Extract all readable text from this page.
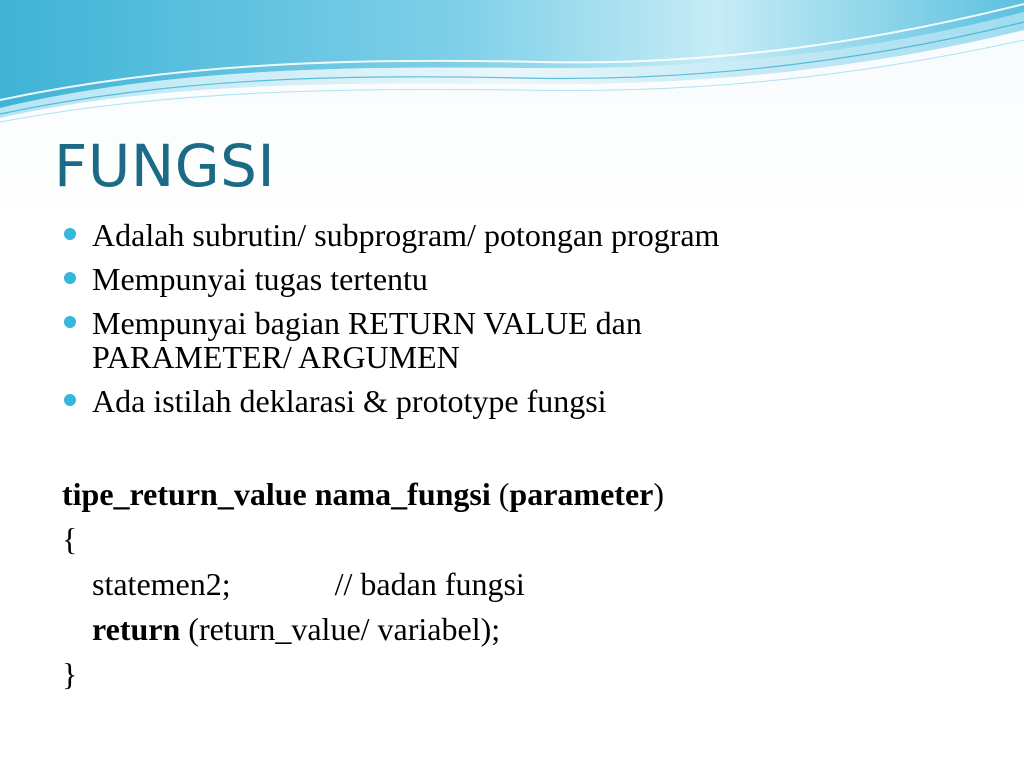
FUNGSI
Adalah subrutin/ subprogram/ potongan program
Mempunyai tugas tertentu
Mempunyai bagian RETURN VALUE dan
PARAMETER/ ARGUMEN
Ada istilah deklarasi & prototype fungsi
tipe_return_value nama_fungsi (parameter)
{
statemen2;	// badan fungsi
return (return_value/ variabel);
}
